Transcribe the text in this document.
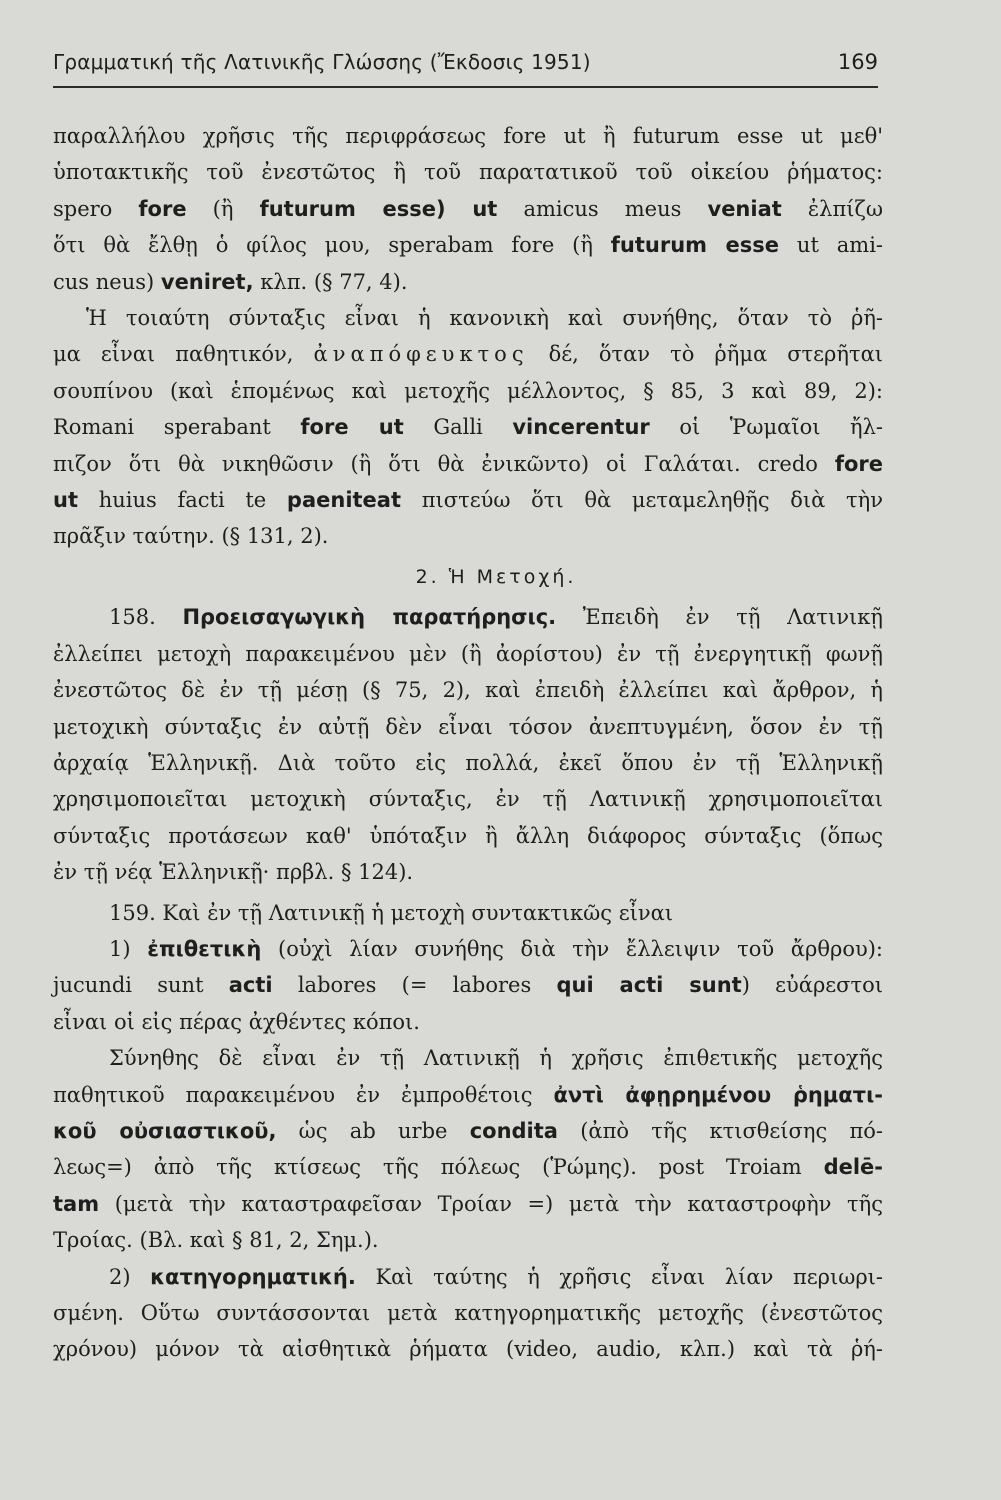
Γραμματική τῆς Λατινικῆς Γλώσσης (Ἔκδοσις 1951)	169
παραλλήλου χρῆσις τῆς περιφράσεως fore ut ἢ futurum esse ut μεθ'
ὑποτακτικῆς τοῦ ἐνεστῶτος ἢ τοῦ παρατατικοῦ τοῦ οἰκείου ῥήματος:
spero fore (ἢ futurum esse) ut amicus meus veniat ἐλπίζω
ὅτι θὰ ἔλθῃ ὁ φίλος μου, sperabam fore (ἢ futurum esse ut ami-
cus neus) veniret, κλπ. (§ 77, 4).
Ἡ τοιαύτη σύνταξις εἶναι ἡ κανονικὴ καὶ συνήθης, ὅταν τὸ ῥῆ-
μα εἶναι παθητικόν, ἀναπόφευκτος δέ, ὅταν τὸ ῥῆμα στερῆται
σουπίνου (καὶ ἑπομένως καὶ μετοχῆς μέλλοντος, § 85, 3 καὶ 89, 2):
Romani sperabant fore ut Galli vincerentur οἱ Ῥωμαῖοι ἤλ-
πιζον ὅτι θὰ νικηθῶσιν (ἢ ὅτι θὰ ἐνικῶντο) οἱ Γαλάται. credo fore
ut huius facti te paeniteat πιστεύω ὅτι θὰ μεταμεληθῇς διὰ τὴν
πρᾶξιν ταύτην. (§ 131, 2).
2. Ἡ Μετοχή.
158. Προεισαγωγικὴ παρατήρησις. Ἐπειδὴ ἐν τῇ Λατινικῇ
ἐλλείπει μετοχὴ παρακειμένου μὲν (ἢ ἀορίστου) ἐν τῇ ἐνεργητικῇ φωνῇ
ἐνεστῶτος δὲ ἐν τῇ μέσῃ (§ 75, 2), καὶ ἐπειδὴ ἐλλείπει καὶ ἄρθρον, ἡ
μετοχικὴ σύνταξις ἐν αὐτῇ δὲν εἶναι τόσον ἀνεπτυγμένη, ὅσον ἐν τῇ
ἀρχαίᾳ Ἑλληνικῇ. Διὰ τοῦτο εἰς πολλά, ἐκεῖ ὅπου ἐν τῇ Ἑλληνικῇ
χρησιμοποιεῖται μετοχικὴ σύνταξις, ἐν τῇ Λατινικῇ χρησιμοποιεῖται
σύνταξις προτάσεων καθ' ὑπόταξιν ἢ ἄλλη διάφορος σύνταξις (ὅπως
ἐν τῇ νέᾳ Ἑλληνικῇ· πρβλ. § 124).
159. Καὶ ἐν τῇ Λατινικῇ ἡ μετοχὴ συντακτικῶς εἶναι
1) ἐπιθετικὴ (οὐχὶ λίαν συνήθης διὰ τὴν ἔλλειψιν τοῦ ἄρθρου):
jucundi sunt acti labores (= labores qui acti sunt) εὐάρεστοι
εἶναι οἱ εἰς πέρας ἀχθέντες κόποι.
Σύνηθης δὲ εἶναι ἐν τῇ Λατινικῇ ἡ χρῆσις ἐπιθετικῆς μετοχῆς
παθητικοῦ παρακειμένου ἐν ἐμπροθέτοις ἀντὶ ἀφῃρημένου ῥηματι-
κοῦ οὐσιαστικοῦ, ὡς ab urbe condita (ἀπὸ τῆς κτισθείσης πό-
λεως=) ἀπὸ τῆς κτίσεως τῆς πόλεως (Ῥώμης). post Troiam delē-
tam (μετὰ τὴν καταστραφεῖσαν Τροίαν =) μετὰ τὴν καταστροφὴν τῆς
Τροίας. (Βλ. καὶ § 81, 2, Σημ.).
2) κατηγορηματική. Καὶ ταύτης ἡ χρῆσις εἶναι λίαν περιωρι-
σμένη. Οὕτω συντάσσονται μετὰ κατηγορηματικῆς μετοχῆς (ἐνεστῶτος
χρόνου) μόνον τὰ αἰσθητικὰ ῥήματα (video, audio, κλπ.) καὶ τὰ ῥή-
